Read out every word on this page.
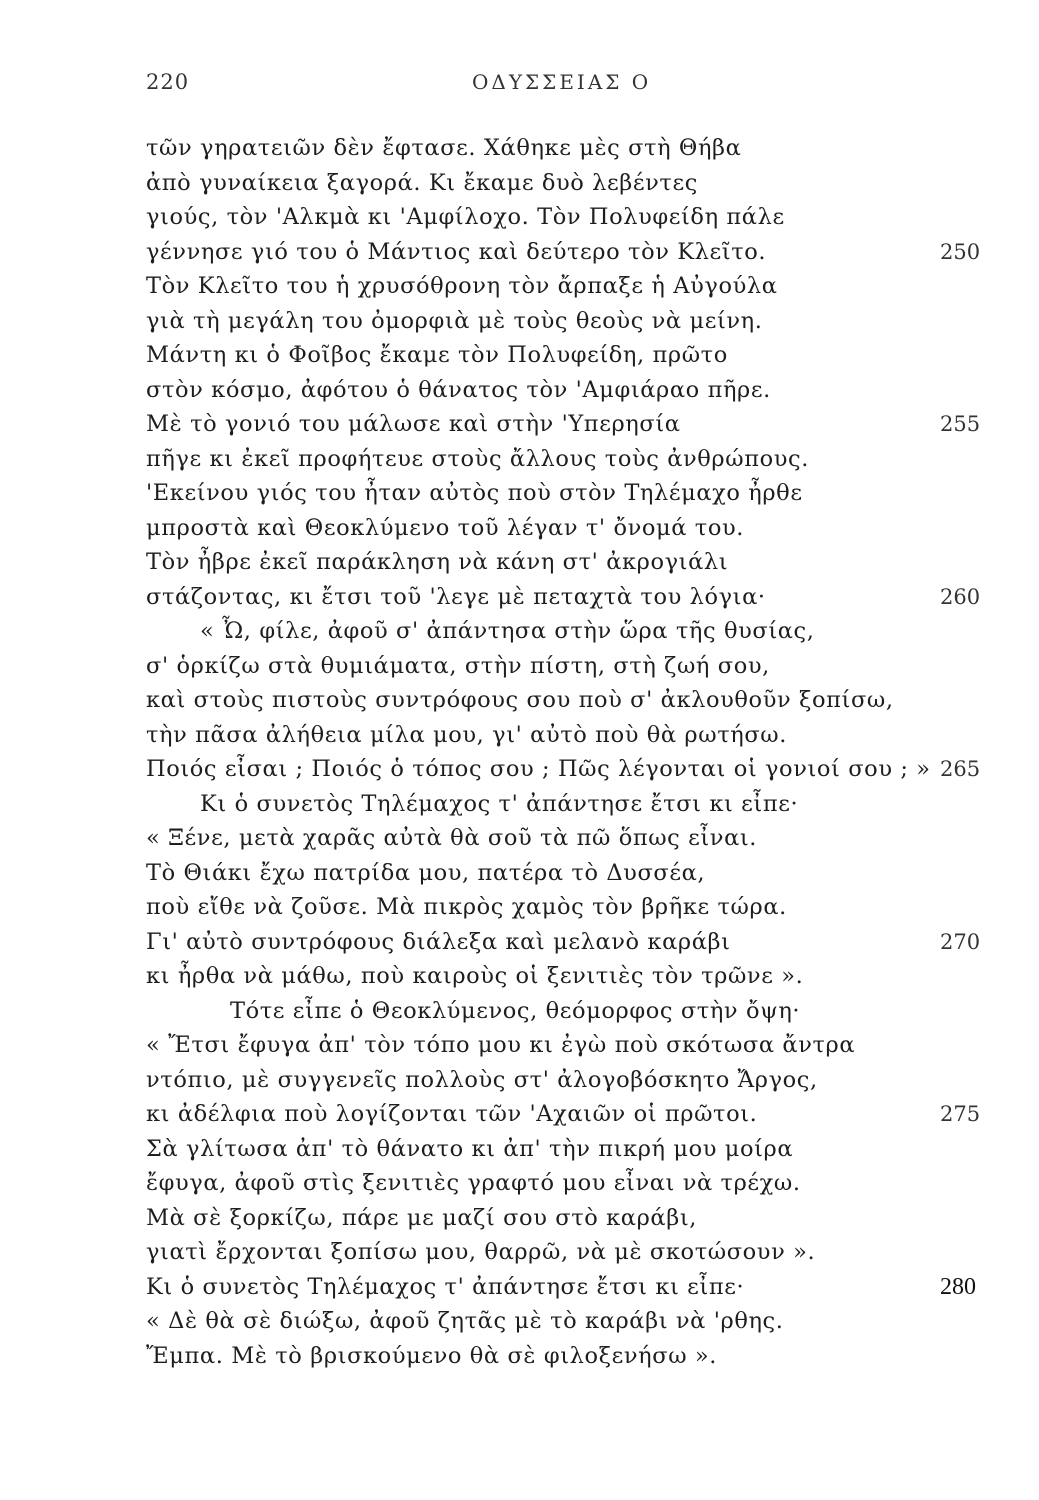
220	ΟΔΥΣΣΕΙΑΣ Ο
τῶν γηρατειῶν δὲν ἔφτασε. Χάθηκε μὲς στὴ Θήβα
ἀπὸ γυναίκεια ξαγορά. Κι ἔκαμε δυὸ λεβέντες
γιούς, τὸν 'Αλκμὰ κι 'Αμφίλοχο. Τὸν Πολυφείδη πάλε
γέννησε γιό του ὁ Μάντιος καὶ δεύτερο τὸν Κλεῖτο.	250
Τὸν Κλεῖτο του ἡ χρυσόθρονη τὸν ἄρπαξε ἡ Αὐγούλα
γιὰ τὴ μεγάλη του ὀμορφιὰ μὲ τοὺς θεοὺς νὰ μείνη.
Μάντη κι ὁ Φοῖβος ἔκαμε τὸν Πολυφείδη, πρῶτο
στὸν κόσμο, ἀφότου ὁ θάνατος τὸν 'Αμφιάραο πῆρε.
Μὲ τὸ γονιό του μάλωσε καὶ στὴν 'Υπερησία	255
πῆγε κι ἐκεῖ προφήτευε στοὺς ἄλλους τοὺς ἀνθρώπους.
'Εκείνου γιός του ἦταν αὐτὸς ποὺ στὸν Τηλέμαχο ἦρθε
μπροστὰ καὶ Θεοκλύμενο τοῦ λέγαν τ' ὄνομά του.
Τὸν ἦβρε ἐκεῖ παράκληση νὰ κάνη στ' ἀκρογιάλι
στάζοντας, κι ἔτσι τοῦ 'λεγε μὲ πεταχτὰ του λόγια·	260
« Ὦ, φίλε, ἀφοῦ σ' ἀπάντησα στὴν ὥρα τῆς θυσίας,
σ' ὁρκίζω στὰ θυμιάματα, στὴν πίστη, στὴ ζωή σου,
καὶ στοὺς πιστοὺς συντρόφους σου ποὺ σ' ἀκλουθοῦν ξοπίσω,
τὴν πᾶσα ἀλήθεια μίλα μου, γι' αὐτὸ ποὺ θὰ ρωτήσω.
Ποιός εἶσαι ; Ποιός ὁ τόπος σου ; Πῶς λέγονται οἱ γονιοί σου ; » 265
Κι ὁ συνετὸς Τηλέμαχος τ' ἀπάντησε ἔτσι κι εἶπε·
« Ξένε, μετὰ χαρᾶς αὐτὰ θὰ σοῦ τὰ πῶ ὅπως εἶναι.
Τὸ Θιάκι ἔχω πατρίδα μου, πατέρα τὸ Δυσσέα,
ποὺ εἴθε νὰ ζοῦσε. Μὰ πικρὸς χαμὸς τὸν βρῆκε τώρα.
Γι' αὐτὸ συντρόφους διάλεξα καὶ μελανὸ καράβι	270
κι ἦρθα νὰ μάθω, ποὺ καιροὺς οἱ ξενιτιὲς τὸν τρῶνε ».
Τότε εἶπε ὁ Θεοκλύμενος, θεόμορφος στὴν ὄψη·
« Ἔτσι ἔφυγα ἀπ' τὸν τόπο μου κι ἐγὼ ποὺ σκότωσα ἄντρα
ντόπιο, μὲ συγγενεῖς πολλοὺς στ' ἀλογοβόσκητο Ἄργος,
κι ἀδέλφια ποὺ λογίζονται τῶν 'Αχαιῶν οἱ πρῶτοι.	275
Σὰ γλίτωσα ἀπ' τὸ θάνατο κι ἀπ' τὴν πικρή μου μοίρα
ἔφυγα, ἀφοῦ στὶς ξενιτιὲς γραφτό μου εἶναι νὰ τρέχω.
Μὰ σὲ ξορκίζω, πάρε με μαζί σου στὸ καράβι,
γιατὶ ἔρχονται ξοπίσω μου, θαρρῶ, νὰ μὲ σκοτώσουν ».
Κι ὁ συνετὸς Τηλέμαχος τ' ἀπάντησε ἔτσι κι εἶπε·	280
« Δὲ θὰ σὲ διώξω, ἀφοῦ ζητᾶς μὲ τὸ καράβι νὰ 'ρθης.
Ἔμπα. Μὲ τὸ βρισκούμενο θὰ σὲ φιλοξενήσω ».
